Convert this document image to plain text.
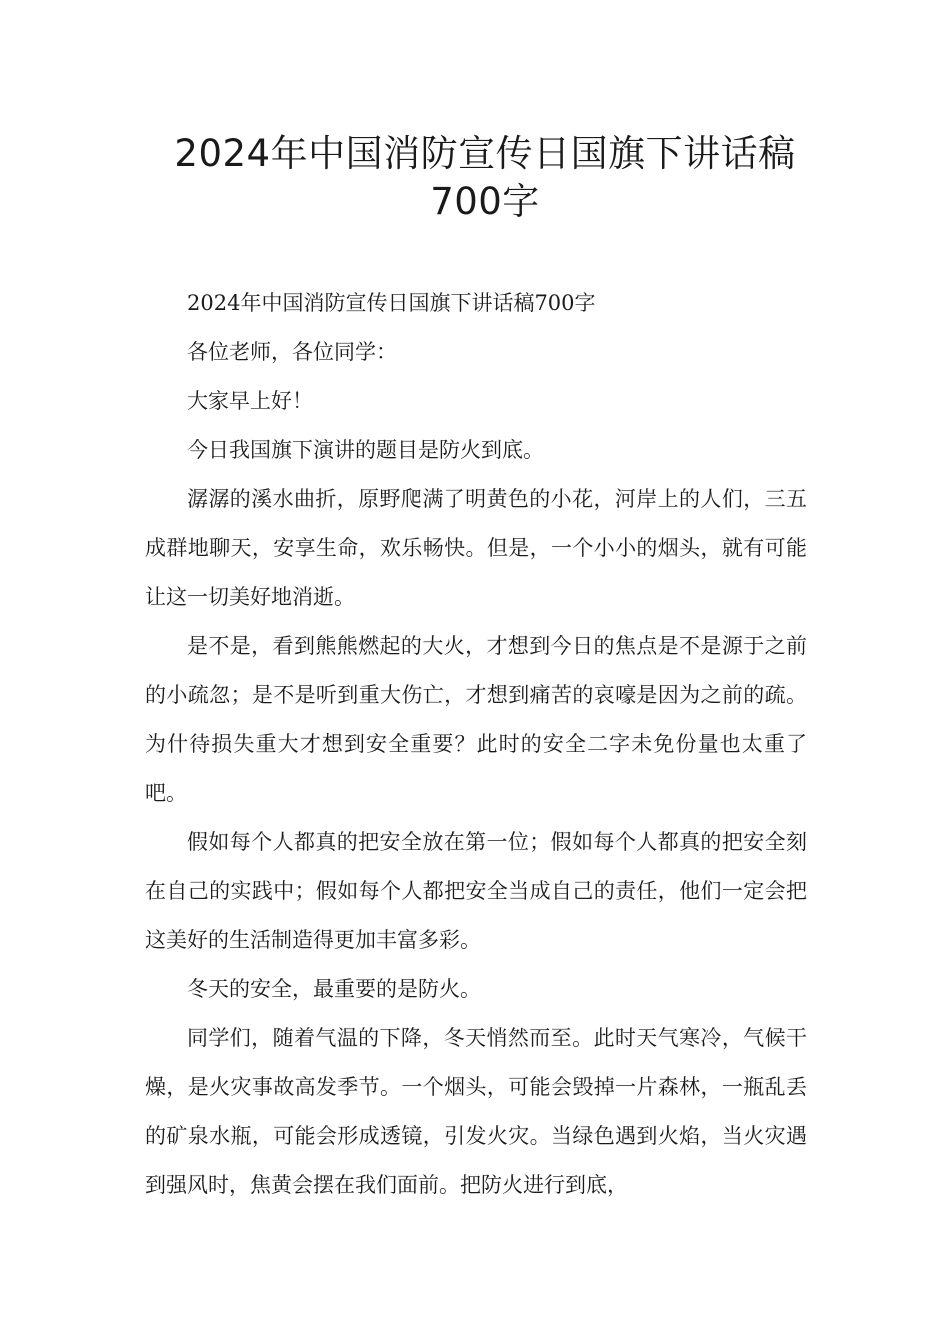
2024年中国消防宣传日国旗下讲话稿
700字

2024年中国消防宣传日国旗下讲话稿700字

各位老师，各位同学：

大家早上好！

今日我国旗下演讲的题目是防火到底。

潺潺的溪水曲折，原野爬满了明黄色的小花，河岸上的人们，三五成群地聊天，安享生命，欢乐畅快。但是，一个小小的烟头，就有可能让这一切美好地消逝。

是不是，看到熊熊燃起的大火，才想到今日的焦点是不是源于之前的小疏忽；是不是听到重大伤亡，才想到痛苦的哀嚎是因为之前的疏。为什待损失重大才想到安全重要？此时的安全二字未免份量也太重了吧。

假如每个人都真的把安全放在第一位；假如每个人都真的把安全刻在自己的实践中；假如每个人都把安全当成自己的责任，他们一定会把这美好的生活制造得更加丰富多彩。

冬天的安全，最重要的是防火。

同学们，随着气温的下降，冬天悄然而至。此时天气寒冷，气候干燥，是火灾事故高发季节。一个烟头，可能会毁掉一片森林，一瓶乱丢的矿泉水瓶，可能会形成透镜，引发火灾。当绿色遇到火焰，当火灾遇到强风时，焦黄会摆在我们面前。把防火进行到底，
